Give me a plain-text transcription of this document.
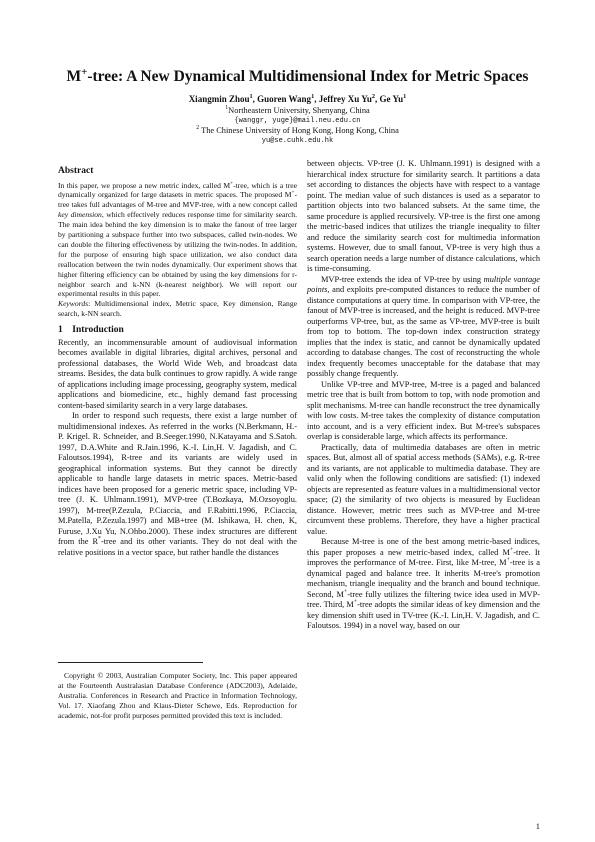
M+-tree: A New Dynamical Multidimensional Index for Metric Spaces
Xiangmin Zhou$^1$, Guoren Wang$^1$, Jeffrey Xu Yu$^2$, Ge Yu$^1$
$^1$Northeastern University, Shenyang, China
{wanggr, yuge}@mail.neu.edu.cn
$^2$ The Chinese University of Hong Kong, Hong Kong, China
yu@se.cuhk.edu.hk
Abstract

In this paper, we propose a new metric index, called M+-tree, which is a tree dynamically organized for large datasets in metric spaces. The proposed M+-tree takes full advantages of M-tree and MVP-tree, with a new concept called key dimension, which effectively reduces response time for similarity search. The main idea behind the key dimension is to make the fanout of tree larger by partitioning a subspace further into two subspaces, called twin-nodes. We can double the filtering effectiveness by utilizing the twin-nodes. In addition, for the purpose of ensuring high space utilization, we also conduct data reallocation between the twin nodes dynamically. Our experiment shows that higher filtering efficiency can be obtained by using the key dimensions for r-neighbor search and k-NN (k-nearest neighbor). We will report our experimental results in this paper.

Keywords: Multidimensional index, Metric space, Key dimension, Range search, k-NN search.

1 Introduction

Recently, an incommensurable amount of audiovisual information becomes available in digital libraries, digital archives, personal and professional databases, the World Wide Web, and broadcast data streams. Besides, the data bulk continues to grow rapidly. A wide range of applications including image processing, geography system, medical applications and biomedicine, etc., highly demand fast processing content-based similarity search in a very large databases.

In order to respond such requests, there exist a large number of multidimensional indexes. As referred in the works (N.Berkmann, H.-P. Krigel. R. Schneider, and B.Seeger.1990, N.Katayama and S.Satoh. 1997, D.A.White and R.Jain.1996, K.-I. Lin,H. V. Jagadish, and C. Faloutsos.1994), R-tree and its variants are widely used in geographical information systems. But they cannot be directly applicable to handle large datasets in metric spaces. Metric-based indices have been proposed for a generic metric space, including VP-tree (J. K. Uhlmann.1991), MVP-tree (T.Bozkaya, M.Ozsoyoglu. 1997), M-tree(P.Zezula, P.Ciaccia, and F.Rabitti.1996, P.Ciaccia, M.Patella, P.Zezula.1997) and MB+tree (M. Ishikawa, H. chen, K, Furuse, J.Xu Yu, N.Ohbo.2000). These index structures are different from the R*-tree and its other variants. They do not deal with the relative positions in a vector space, but rather handle the distances

Copyright © 2003, Australian Computer Society, Inc. This paper appeared at the Fourteenth Australasian Database Conference (ADC2003), Adelaide, Australia. Conferences in Research and Practice in Information Technology, Vol. 17. Xiaofang Zhou and Klaus-Dieter Schewe, Eds. Reproduction for academic, not-for profit purposes permitted provided this text is included.

between objects. VP-tree (J. K. Uhlmann.1991) is designed with a hierarchical index structure for similarity search. It partitions a data set according to distances the objects have with respect to a vantage point. The median value of such distances is used as a separator to partition objects into two balanced subsets. At the same time, the same procedure is applied recursively. VP-tree is the first one among the metric-based indices that utilizes the triangle inequality to filter and reduce the similarity search cost for multimedia information systems. However, due to small fanout, VP-tree is very high thus a search operation needs a large number of distance calculations, which is time-consuming.

MVP-tree extends the idea of VP-tree by using multiple vantage points, and exploits pre-computed distances to reduce the number of distance computations at query time. In comparison with VP-tree, the fanout of MVP-tree is increased, and the height is reduced. MVP-tree outperforms VP-tree, but, as the same as VP-tree, MVP-tree is built from top to bottom. The top-down index construction strategy implies that the index is static, and cannot be dynamically updated according to database changes. The cost of reconstructing the whole index frequently becomes unacceptable for the database that may possibly change frequently.

Unlike VP-tree and MVP-tree, M-tree is a paged and balanced metric tree that is built from bottom to top, with node promotion and split mechanisms. M-tree can handle reconstruct the tree dynamically with low costs. M-tree takes the complexity of distance computation into account, and is a very efficient index. But M-tree's subspaces overlap is considerable large, which affects its performance.

Practically, data of multimedia databases are often in metric spaces. But, almost all of spatial access methods (SAMs), e.g. R-tree and its variants, are not applicable to multimedia database. They are valid only when the following conditions are satisfied: (1) indexed objects are represented as feature values in a multidimensional vector space; (2) the similarity of two objects is measured by Euclidean distance. However, metric trees such as MVP-tree and M-tree circumvent these problems. Therefore, they have a higher practical value.

Because M-tree is one of the best among metric-based indices, this paper proposes a new metric-based index, called M+-tree. It improves the performance of M-tree. First, like M-tree, M+-tree is a dynamical paged and balance tree. It inherits M-tree's promotion mechanism, triangle inequality and the branch and bound technique. Second, M+-tree fully utilizes the filtering twice idea used in MVP-tree. Third, M+-tree adopts the similar ideas of key dimension and the key dimension shift used in TV-tree (K.-I. Lin,H. V. Jagadish, and C. Faloutsos. 1994) in a novel way, based on our

1
